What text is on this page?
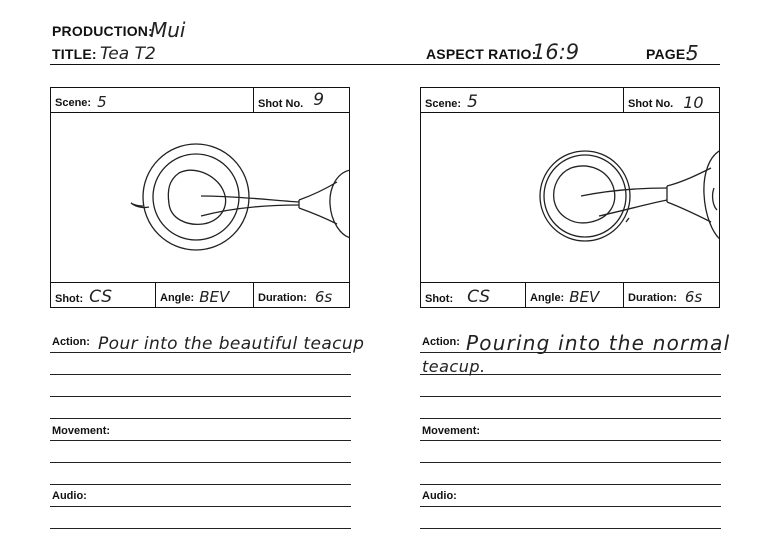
PRODUCTION:
Mui
TITLE: Tea T2	ASPECT RATIO:
16:9	PAGE:
5
Scene: 5	Shot No. 9
Shot: CS	Angle: BEV	Duration: 6s
Action: Pour into the beautiful teacup
Movement:
Audio:
Scene: 5	Shot No. 10
Shot: CS	Angle: BEV	Duration: 6s
Action: Pouring into the normal
teacup.
Movement:
Audio:
